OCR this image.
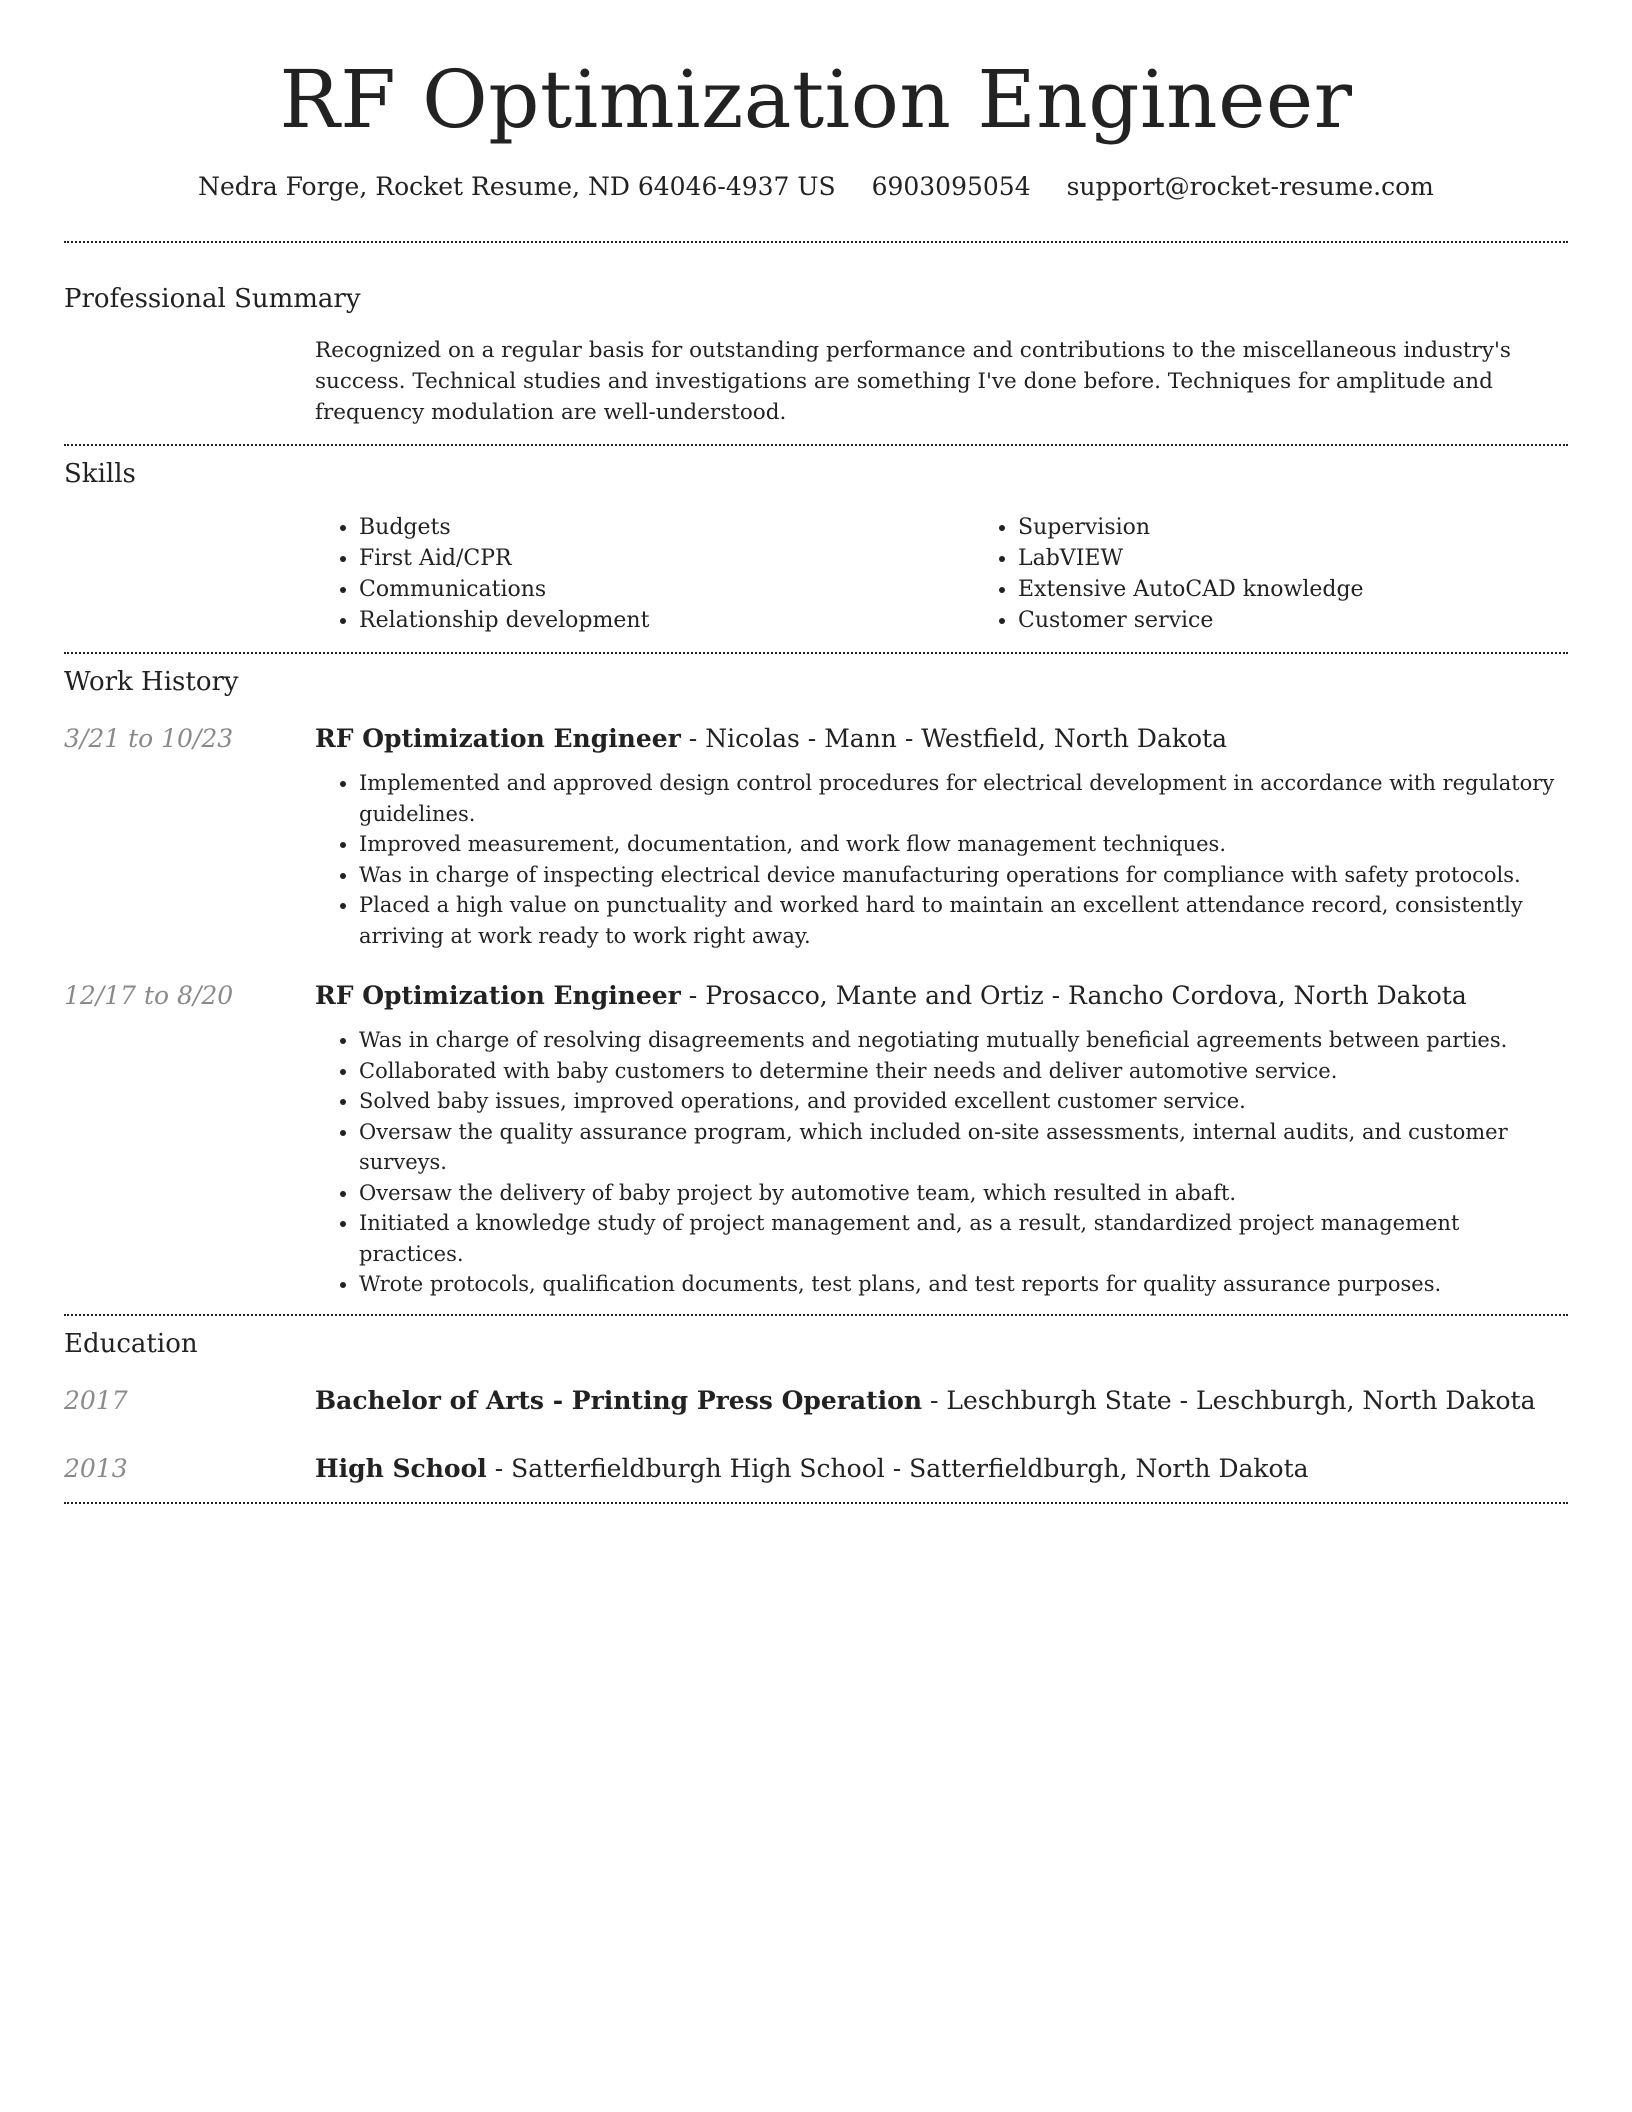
RF Optimization Engineer
Nedra Forge, Rocket Resume, ND 64046-4937 US 6903095054 support@rocket-resume.com
Professional Summary

Recognized on a regular basis for outstanding performance and contributions to the miscellaneous industry's success. Technical studies and investigations are something I've done before. Techniques for amplitude and frequency modulation are well-understood.

Skills
• Budgets
• First Aid/CPR
• Communications
• Relationship development
• Supervision
• LabVIEW
• Extensive AutoCAD knowledge
• Customer service
Work History
3/21 to 10/23	RF Optimization Engineer - Nicolas - Mann - Westfield, North Dakota
• Implemented and approved design control procedures for electrical development in accordance with regulatory guidelines.
• Improved measurement, documentation, and work flow management techniques.
• Was in charge of inspecting electrical device manufacturing operations for compliance with safety protocols.
• Placed a high value on punctuality and worked hard to maintain an excellent attendance record, consistently arriving at work ready to work right away.
12/17 to 8/20	RF Optimization Engineer - Prosacco, Mante and Ortiz - Rancho Cordova, North Dakota
• Was in charge of resolving disagreements and negotiating mutually beneficial agreements between parties.
• Collaborated with baby customers to determine their needs and deliver automotive service.
• Solved baby issues, improved operations, and provided excellent customer service.
• Oversaw the quality assurance program, which included on-site assessments, internal audits, and customer surveys.
• Oversaw the delivery of baby project by automotive team, which resulted in abaft.
• Initiated a knowledge study of project management and, as a result, standardized project management practices.
• Wrote protocols, qualification documents, test plans, and test reports for quality assurance purposes.
Education
2017	Bachelor of Arts - Printing Press Operation - Leschburgh State - Leschburgh, North Dakota
2013	High School - Satterfieldburgh High School - Satterfieldburgh, North Dakota
